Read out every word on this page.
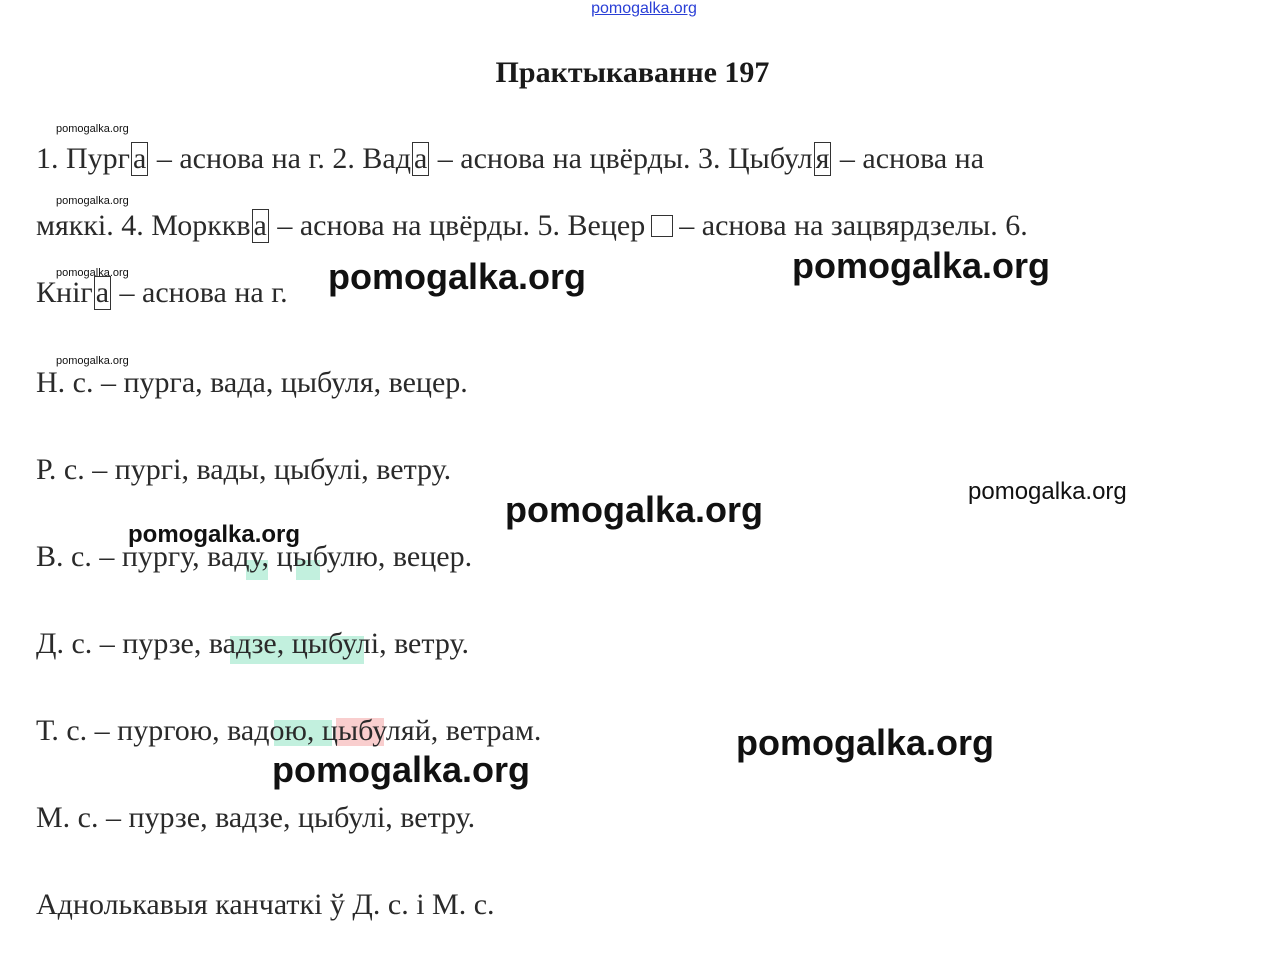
pomogalka.org
Практыкаванне 197
1. Пург а – аснова на г. 2. Вад а – аснова на цвёрды. 3. Цыбул я – аснова на
мяккі. 4. Морккв а – аснова на цвёрды. 5. Вецер – аснова на зацвярдзелы. 6.
Кніг а – аснова на г.
Н. с. – пурга, вада, цыбуля, вецер.
Р. с. – пургі, вады, цыбулі, ветру.
В. с. – пургу, ваду, цыбулю, вецер.
Д. с. – пурзе, вадзе, цыбулі, ветру.
Т. с. – пургою, вадою, цыбуляй, ветрам.
М. с. – пурзе, вадзе, цыбулі, ветру.
Аднолькавыя канчаткі ў Д. с. і М. с.
pomogalka.org
pomogalka.org
pomogalka.org
pomogalka.org
pomogalka.org	pomogalka.org
pomogalka.org	pomogalka.org
pomogalka.org
pomogalka.org
pomogalka.org
